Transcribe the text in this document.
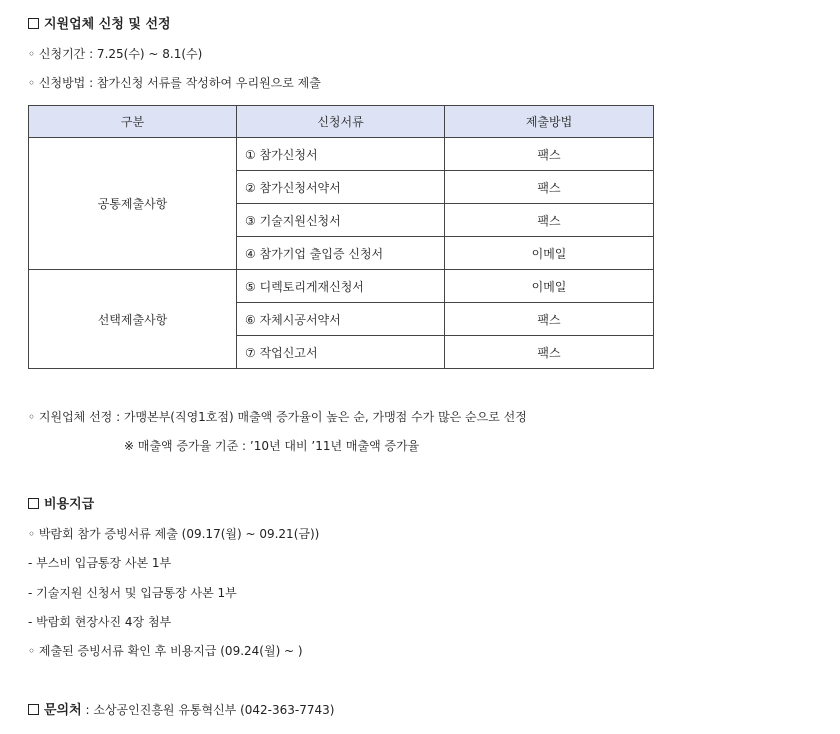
지원업체 신청 및 선정
◦ 신청기간 : 7.25(수) ~ 8.1(수)
◦ 신청방법 : 참가신청 서류를 작성하여 우리원으로 제출
구분	신청서류	제출방법
공통제출사항	① 참가신청서	팩스
	② 참가신청서약서	팩스
	③ 기술지원신청서	팩스
	④ 참가기업 출입증 신청서	이메일
선택제출사항	⑤ 디렉토리게재신청서	이메일
	⑥ 자체시공서약서	팩스
	⑦ 작업신고서	팩스
◦ 지원업체 선정 : 가맹본부(직영1호점) 매출액 증가율이 높은 순, 가맹점 수가 많은 순으로 선정
※ 매출액 증가율 기준 : ’10년 대비 ’11년 매출액 증가율
비용지급
◦ 박람회 참가 증빙서류 제출 (09.17(월) ~ 09.21(금))
- 부스비 입금통장 사본 1부
- 기술지원 신청서 및 입금통장 사본 1부
- 박람회 현장사진 4장 첨부
◦ 제출된 증빙서류 확인 후 비용지급 (09.24(월) ~ )
문의처 : 소상공인진흥원 유통혁신부 (042-363-7743)
